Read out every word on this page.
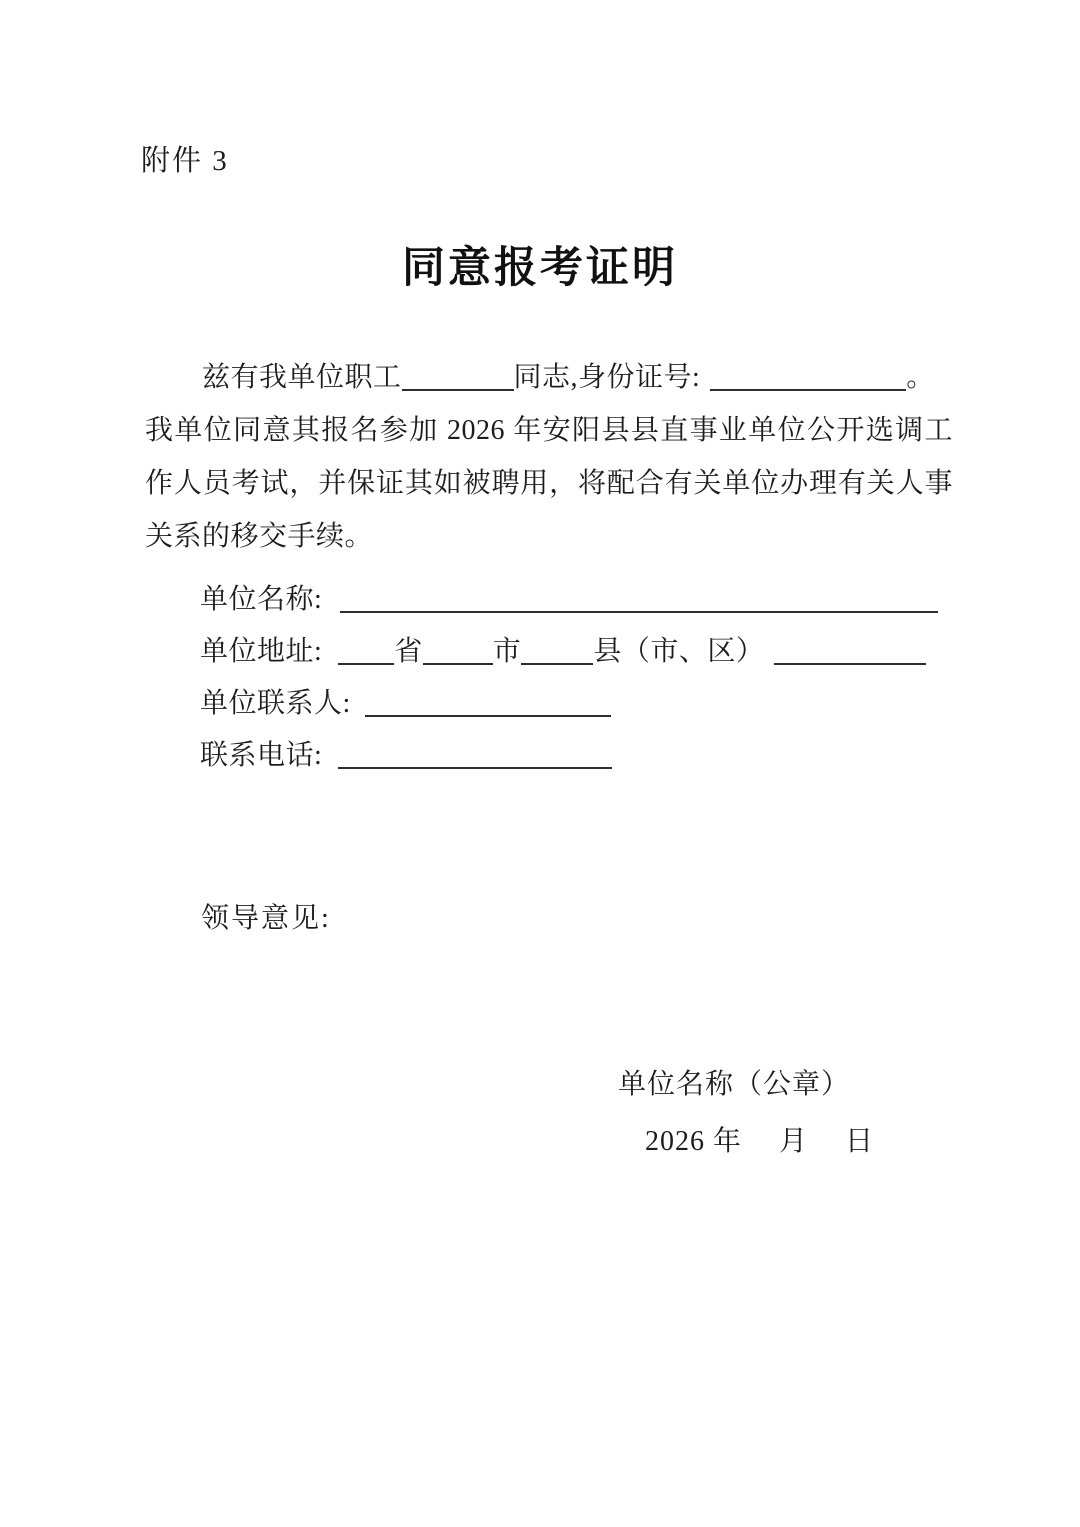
附件 3
同意报考证明
兹有我单位职工	同志,身份证号:	。
我单位同意其报名参加 2026 年安阳县县直事业单位公开选调工
作人员考试，并保证其如被聘用，将配合有关单位办理有关人事
关系的移交手续。
单位名称:
单位地址:	省	市	县（市、区）
单位联系人:
联系电话:
领导意见:
单位名称（公章）
2026 年　 月　 日
